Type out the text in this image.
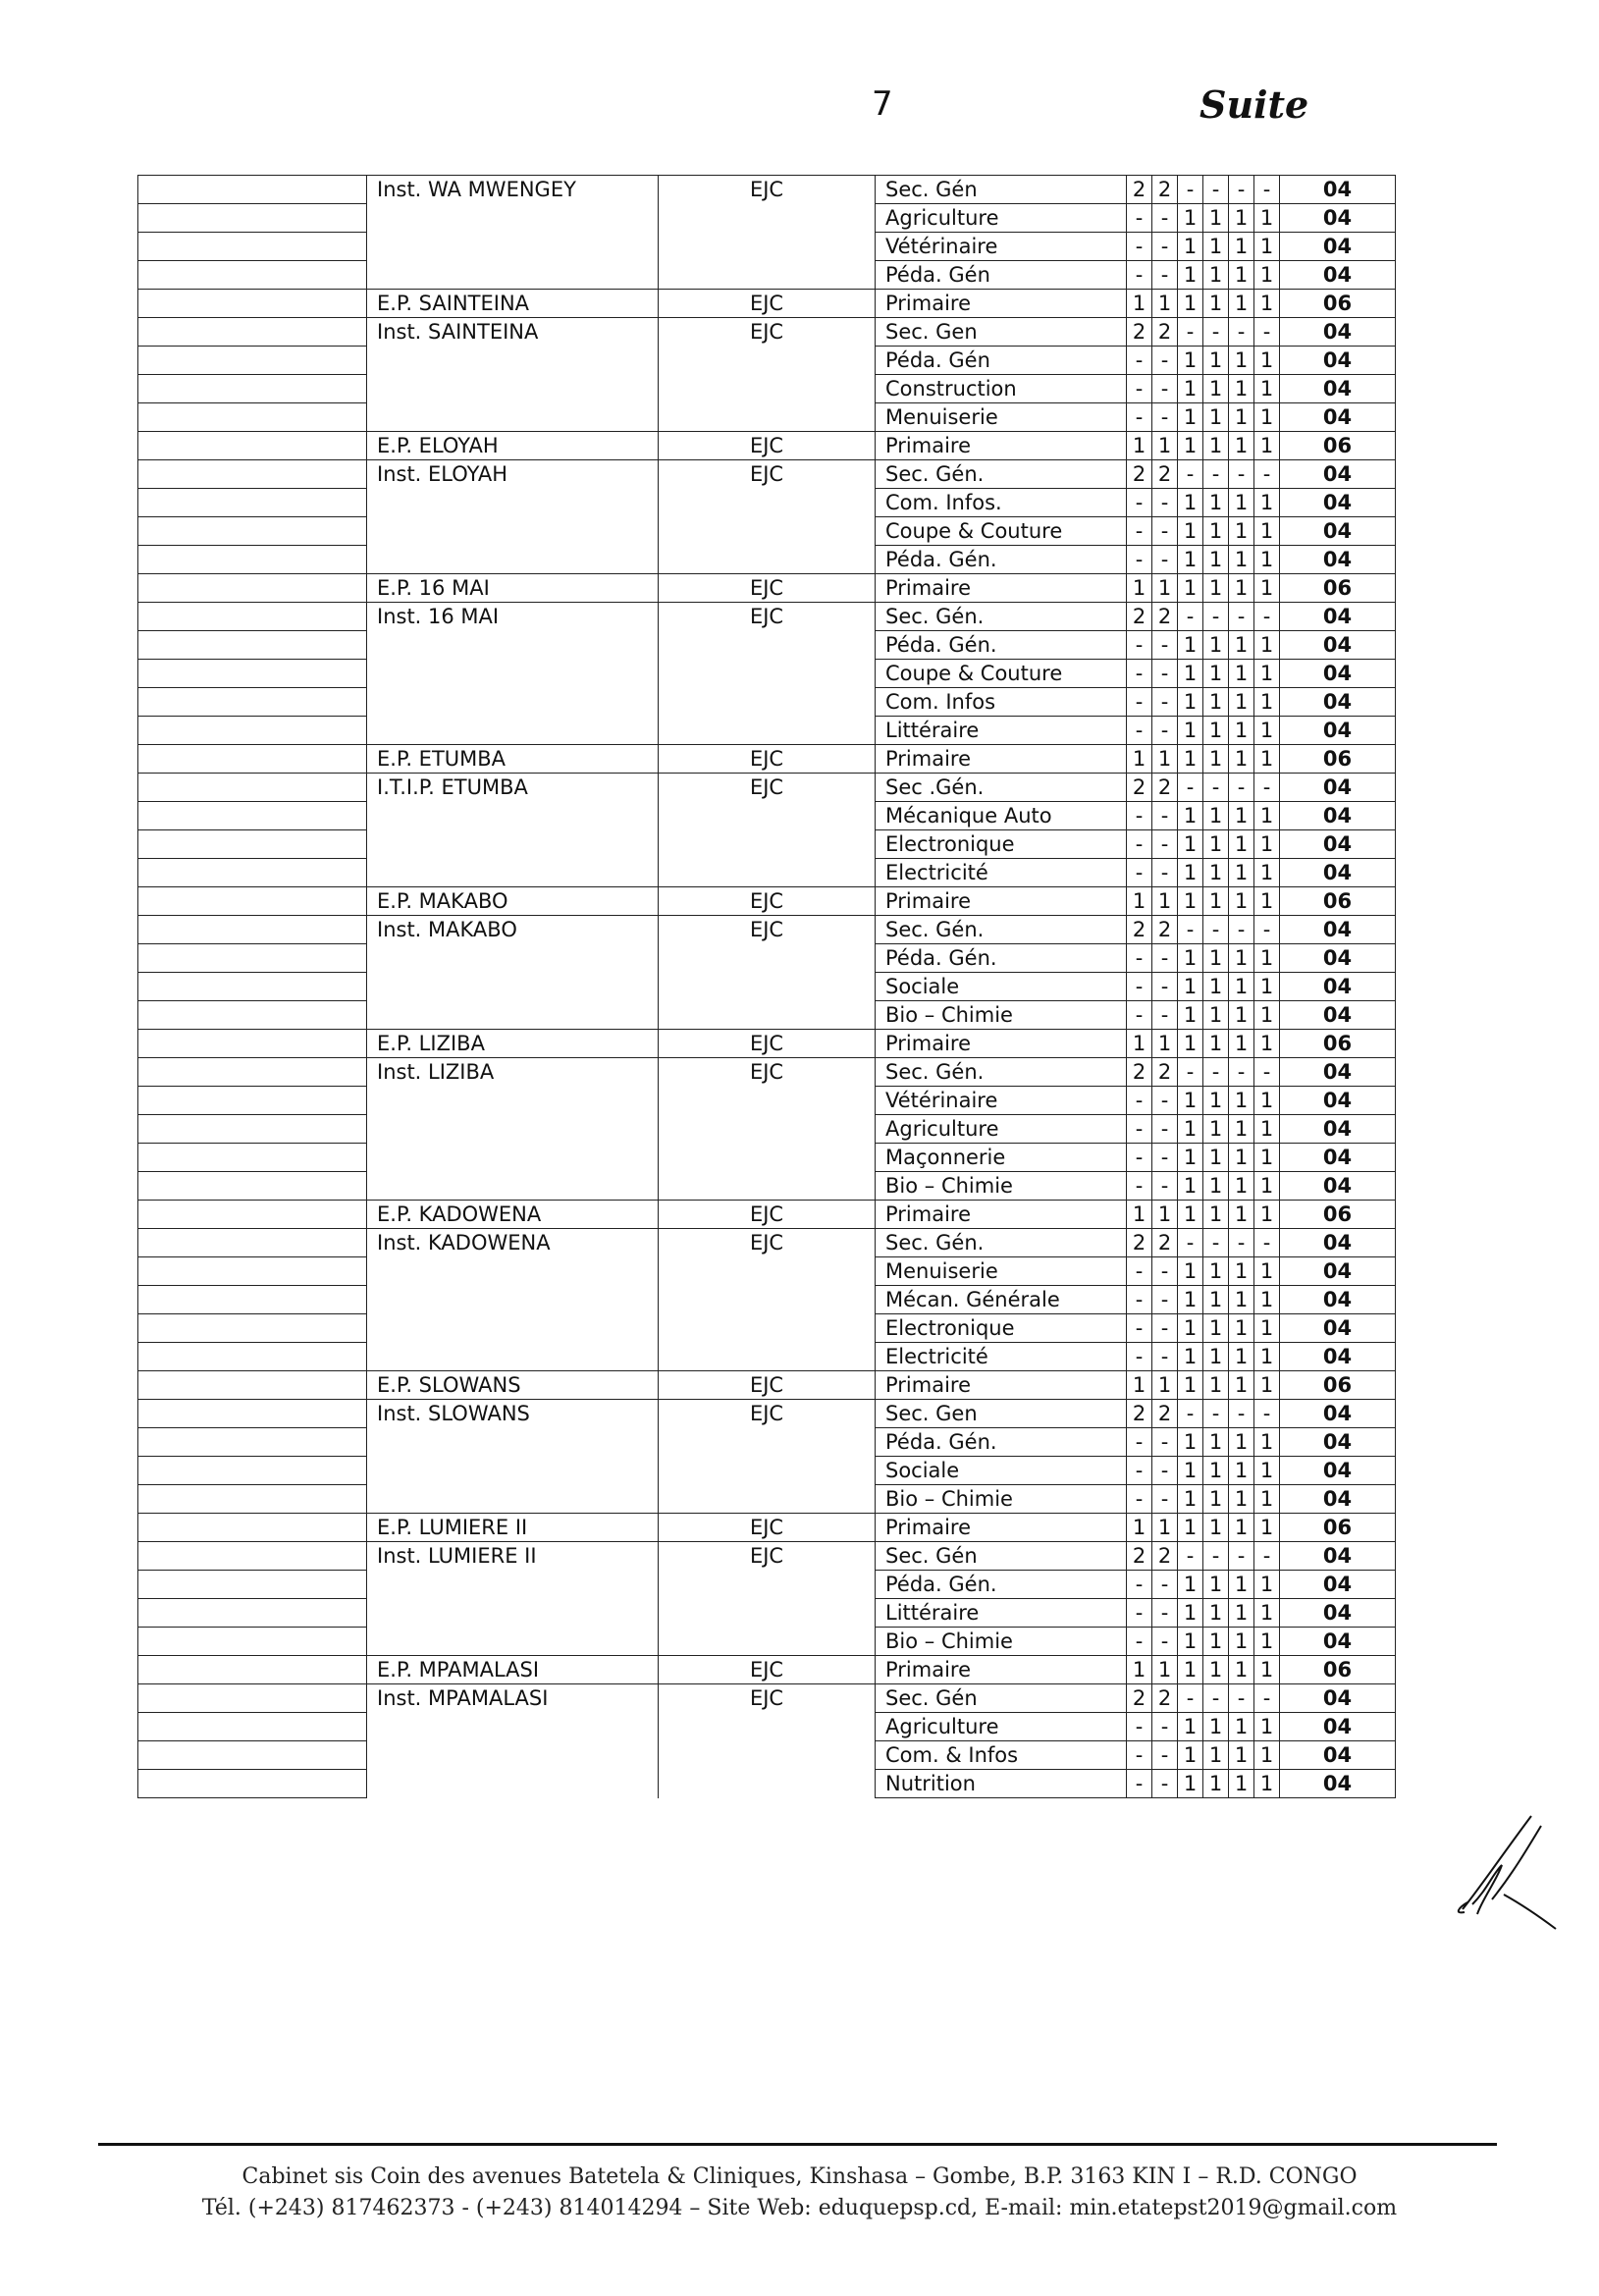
7	Suite
	Inst. WA MWENGEY	EJC	Sec. Gén	2	2	-	-	-	-	04
			Agriculture	-	-	1	1	1	1	04
			Vétérinaire	-	-	1	1	1	1	04
			Péda. Gén	-	-	1	1	1	1	04
	E.P. SAINTEINA	EJC	Primaire	1	1	1	1	1	1	06
	Inst. SAINTEINA	EJC	Sec. Gen	2	2	-	-	-	-	04
			Péda. Gén	-	-	1	1	1	1	04
			Construction	-	-	1	1	1	1	04
			Menuiserie	-	-	1	1	1	1	04
	E.P. ELOYAH	EJC	Primaire	1	1	1	1	1	1	06
	Inst. ELOYAH	EJC	Sec. Gén.	2	2	-	-	-	-	04
			Com. Infos.	-	-	1	1	1	1	04
			Coupe & Couture	-	-	1	1	1	1	04
			Péda. Gén.	-	-	1	1	1	1	04
	E.P. 16 MAI	EJC	Primaire	1	1	1	1	1	1	06
	Inst. 16 MAI	EJC	Sec. Gén.	2	2	-	-	-	-	04
			Péda. Gén.	-	-	1	1	1	1	04
			Coupe & Couture	-	-	1	1	1	1	04
			Com. Infos	-	-	1	1	1	1	04
			Littéraire	-	-	1	1	1	1	04
	E.P. ETUMBA	EJC	Primaire	1	1	1	1	1	1	06
	I.T.I.P. ETUMBA	EJC	Sec .Gén.	2	2	-	-	-	-	04
			Mécanique Auto	-	-	1	1	1	1	04
			Electronique	-	-	1	1	1	1	04
			Electricité	-	-	1	1	1	1	04
	E.P. MAKABO	EJC	Primaire	1	1	1	1	1	1	06
	Inst. MAKABO	EJC	Sec. Gén.	2	2	-	-	-	-	04
			Péda. Gén.	-	-	1	1	1	1	04
			Sociale	-	-	1	1	1	1	04
			Bio – Chimie	-	-	1	1	1	1	04
	E.P. LIZIBA	EJC	Primaire	1	1	1	1	1	1	06
	Inst. LIZIBA	EJC	Sec. Gén.	2	2	-	-	-	-	04
			Vétérinaire	-	-	1	1	1	1	04
			Agriculture	-	-	1	1	1	1	04
			Maçonnerie	-	-	1	1	1	1	04
			Bio – Chimie	-	-	1	1	1	1	04
	E.P. KADOWENA	EJC	Primaire	1	1	1	1	1	1	06
	Inst. KADOWENA	EJC	Sec. Gén.	2	2	-	-	-	-	04
			Menuiserie	-	-	1	1	1	1	04
			Mécan. Générale	-	-	1	1	1	1	04
			Electronique	-	-	1	1	1	1	04
			Electricité	-	-	1	1	1	1	04
	E.P. SLOWANS	EJC	Primaire	1	1	1	1	1	1	06
	Inst. SLOWANS	EJC	Sec. Gen	2	2	-	-	-	-	04
			Péda. Gén.	-	-	1	1	1	1	04
			Sociale	-	-	1	1	1	1	04
			Bio – Chimie	-	-	1	1	1	1	04
	E.P. LUMIERE II	EJC	Primaire	1	1	1	1	1	1	06
	Inst. LUMIERE II	EJC	Sec. Gén	2	2	-	-	-	-	04
			Péda. Gén.	-	-	1	1	1	1	04
			Littéraire	-	-	1	1	1	1	04
			Bio – Chimie	-	-	1	1	1	1	04
	E.P. MPAMALASI	EJC	Primaire	1	1	1	1	1	1	06
	Inst. MPAMALASI	EJC	Sec. Gén	2	2	-	-	-	-	04
			Agriculture	-	-	1	1	1	1	04
			Com. & Infos	-	-	1	1	1	1	04
			Nutrition	-	-	1	1	1	1	04
Cabinet sis Coin des avenues Batetela & Cliniques, Kinshasa – Gombe, B.P. 3163 KIN I – R.D. CONGO
Tél. (+243) 817462373 - (+243) 814014294 – Site Web: eduquepsp.cd, E-mail: min.etatepst2019@gmail.com
